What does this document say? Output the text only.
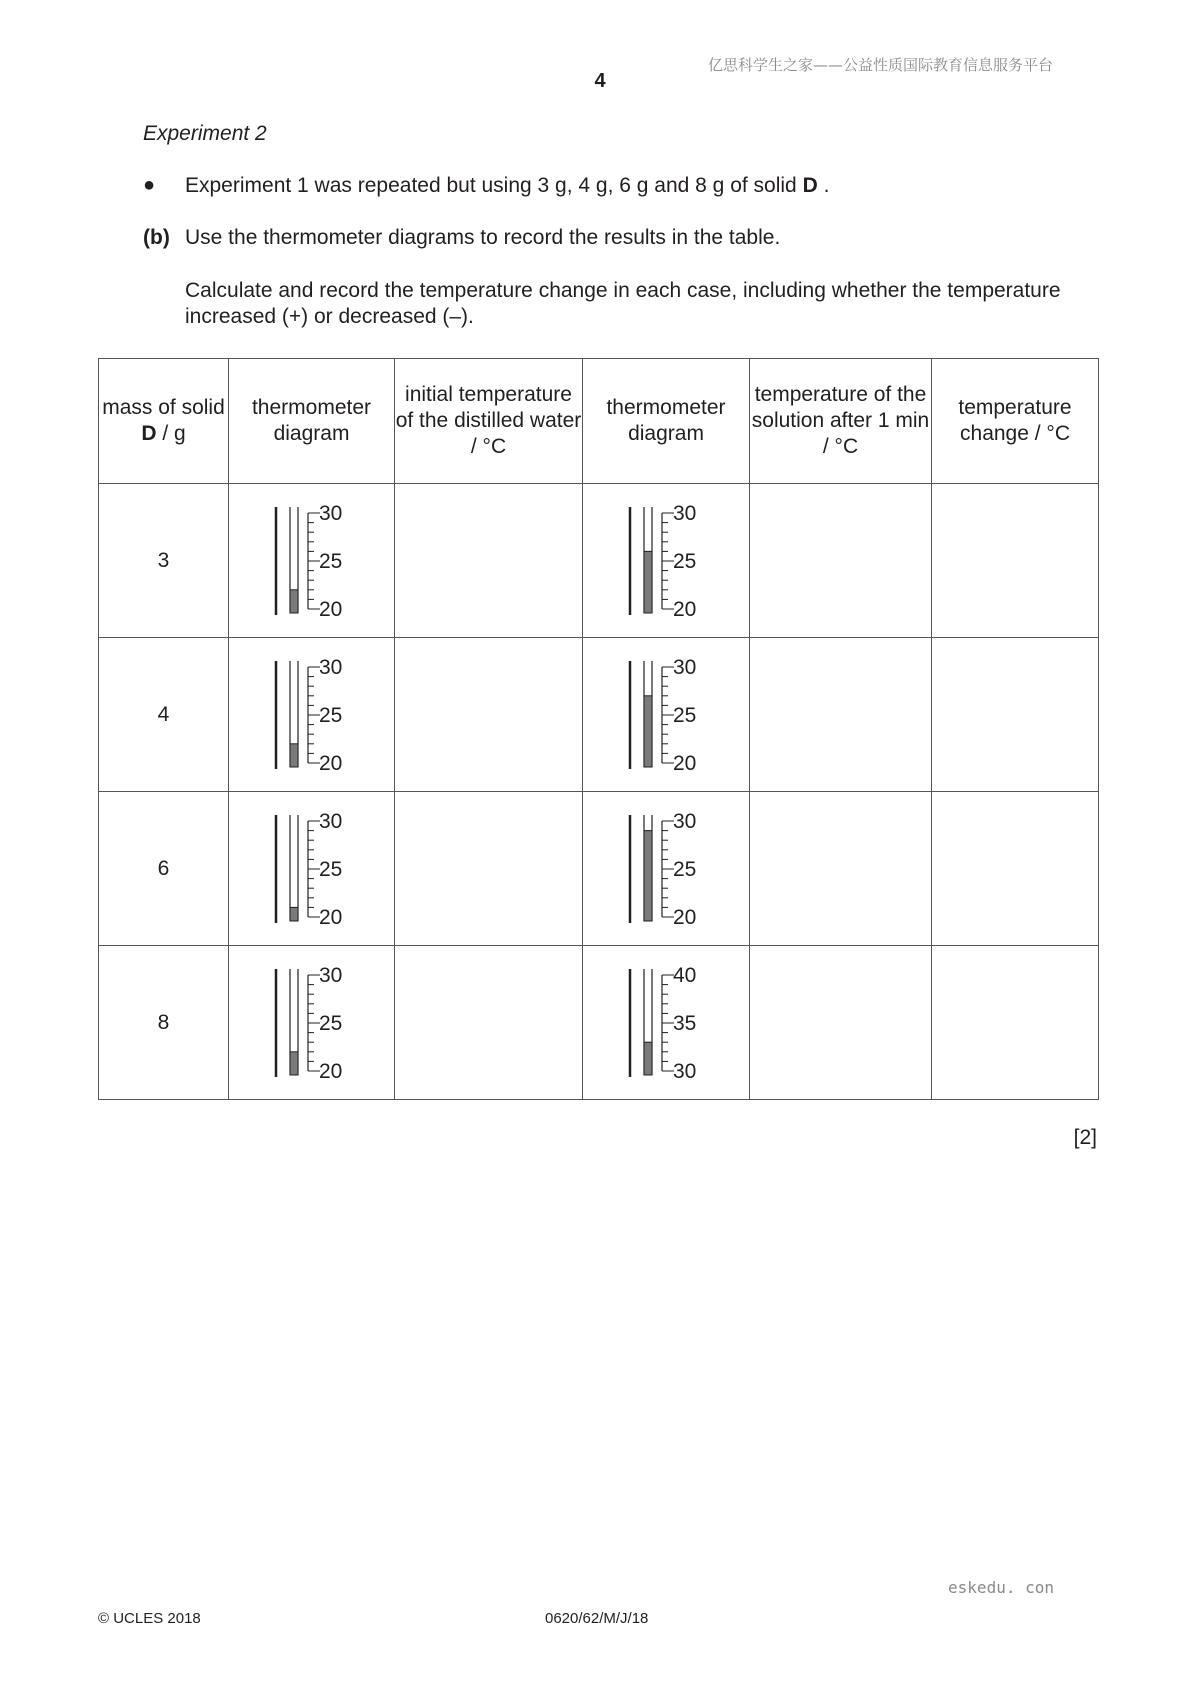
亿思科学生之家——公益性质国际教育信息服务平台
4
Experiment 2
● Experiment 1 was repeated but using 3 g, 4 g, 6 g and 8 g of solid D .
(b) Use the thermometer diagrams to record the results in the table.
Calculate and record the temperature change in each case, including whether the temperature increased (+) or decreased (–).
mass of solid D / g	thermometer diagram	initial temperature of the distilled water / °C	thermometer diagram	temperature of the solution after 1 min / °C	temperature change / °C
3	30
25
20		30
25
20		

4	30
25
20		30
25
20		

6	30
25
20		30
25
20		

8	30
25
20		40
35
30		

[2]
eskedu. con
© UCLES 2018	0620/62/M/J/18
